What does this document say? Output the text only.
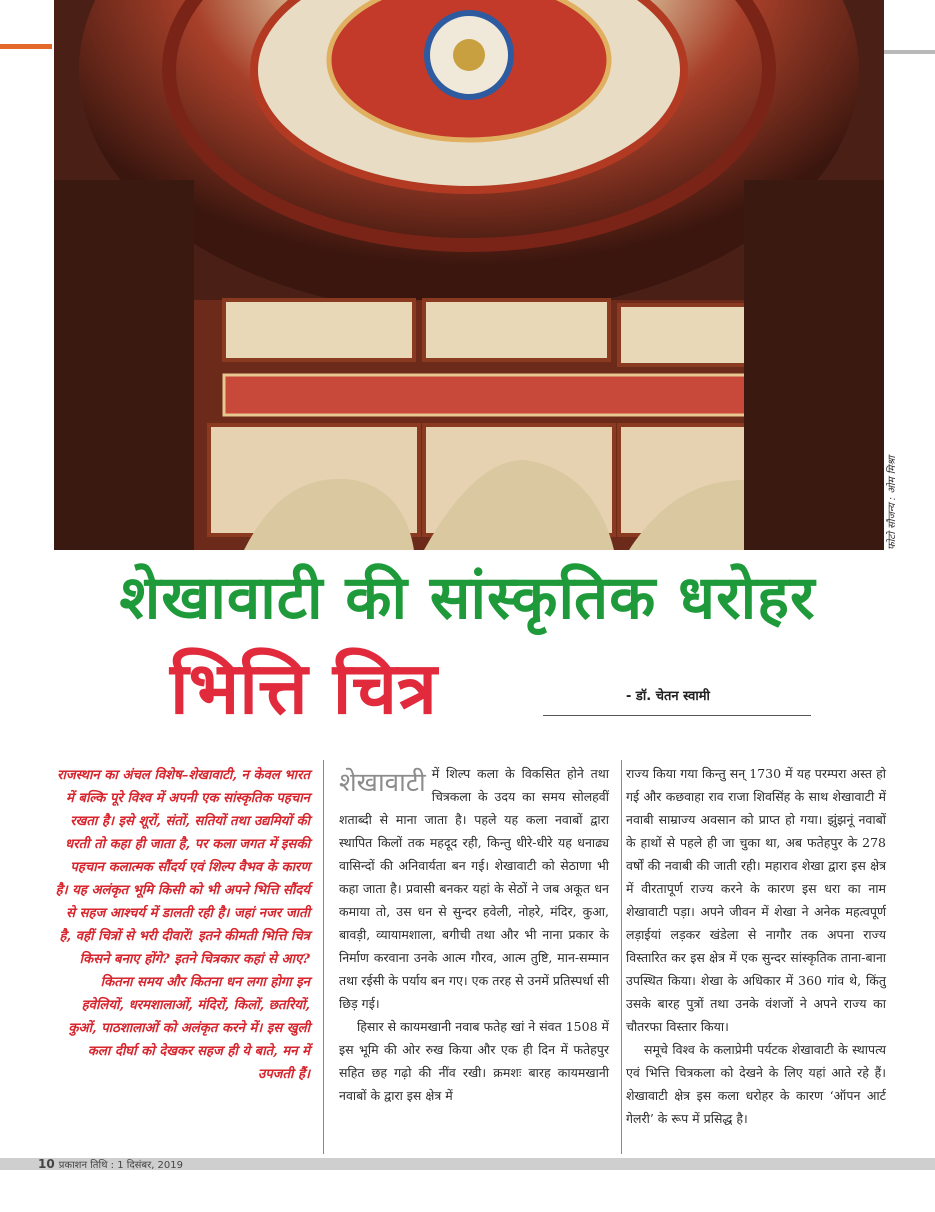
फोटो सौजन्य : ओम मिश्रा
शेखावाटी की सांस्कृतिक धरोहर
भित्ति चित्र	- डॉ. चेतन स्वामी
राजस्थान का अंचल विशेष–शेखावाटी, न केवल भारत में बल्कि पूरे विश्व में अपनी एक सांस्कृतिक पहचान रखता है। इसे शूरों, संतों, सतियों तथा उद्यमियों की धरती तो कहा ही जाता है, पर कला जगत में इसकी पहचान कलात्मक सौंदर्य एवं शिल्प वैभव के कारण है। यह अलंकृत भूमि किसी को भी अपने भित्ति सौंदर्य से सहज आश्चर्य में डालती रही है। जहां नजर जाती है, वहीं चित्रों से भरी दीवारें! इतने कीमती भित्ति चित्र किसने बनाए होंगे? इतने चित्रकार कहां से आए? कितना समय और कितना धन लगा होगा इन हवेलियों, धरमशालाओं, मंदिरों, किलों, छतरियों, कुओं, पाठशालाओं को अलंकृत करने में। इस खुली कला दीर्घा को देखकर सहज ही ये बाते, मन में उपजती हैं।

शेखावाटी में शिल्प कला के विकसित होने तथा चित्रकला के उदय का समय सोलहवीं शताब्दी से माना जाता है। पहले यह कला नवाबों द्वारा स्थापित किलों तक महदूद रही, किन्तु धीरे-धीरे यह धनाढ्य वासिन्दों की अनिवार्यता बन गई। शेखावाटी को सेठाणा भी कहा जाता है। प्रवासी बनकर यहां के सेठों ने जब अकूत धन कमाया तो, उस धन से सुन्दर हवेली, नोहरे, मंदिर, कुआ, बावड़ी, व्यायामशाला, बगीची तथा और भी नाना प्रकार के निर्माण करवाना उनके आत्म गौरव, आत्म तुष्टि, मान-सम्मान तथा रईसी के पर्याय बन गए। एक तरह से उनमें प्रतिस्पर्धा सी छिड़ गई।

हिसार से कायमखानी नवाब फतेह खां ने संवत 1508 में इस भूमि की ओर रुख किया और एक ही दिन में फतेहपुर सहित छह गढ़ो की नींव रखी। क्रमशः बारह कायमखानी नवाबों के द्वारा इस क्षेत्र में

राज्य किया गया किन्तु सन् 1730 में यह परम्परा अस्त हो गई और कछवाहा राव राजा शिवसिंह के साथ शेखावाटी में नवाबी साम्राज्य अवसान को प्राप्त हो गया। झुंझनूं नवाबों के हाथों से पहले ही जा चुका था, अब फतेहपुर के 278 वर्षों की नवाबी की जाती रही। महाराव शेखा द्वारा इस क्षेत्र में वीरतापूर्ण राज्य करने के कारण इस धरा का नाम शेखावाटी पड़ा। अपने जीवन में शेखा ने अनेक महत्वपूर्ण लड़ाईयां लड़कर खंडेला से नागौर तक अपना राज्य विस्तारित कर इस क्षेत्र में एक सुन्दर सांस्कृतिक ताना-बाना उपस्थित किया। शेखा के अधिकार में 360 गांव थे, किंतु उसके बारह पुत्रों तथा उनके वंशजों ने अपने राज्य का चौतरफा विस्तार किया।

समूचे विश्व के कलाप्रेमी पर्यटक शेखावाटी के स्थापत्य एवं भित्ति चित्रकला को देखने के लिए यहां आते रहे हैं। शेखावाटी क्षेत्र इस कला धरोहर के कारण ‘ऑपन आर्ट गेलरी’ के रूप में प्रसिद्ध है।

10 प्रकाशन तिथि : 1 दिसंबर, 2019
